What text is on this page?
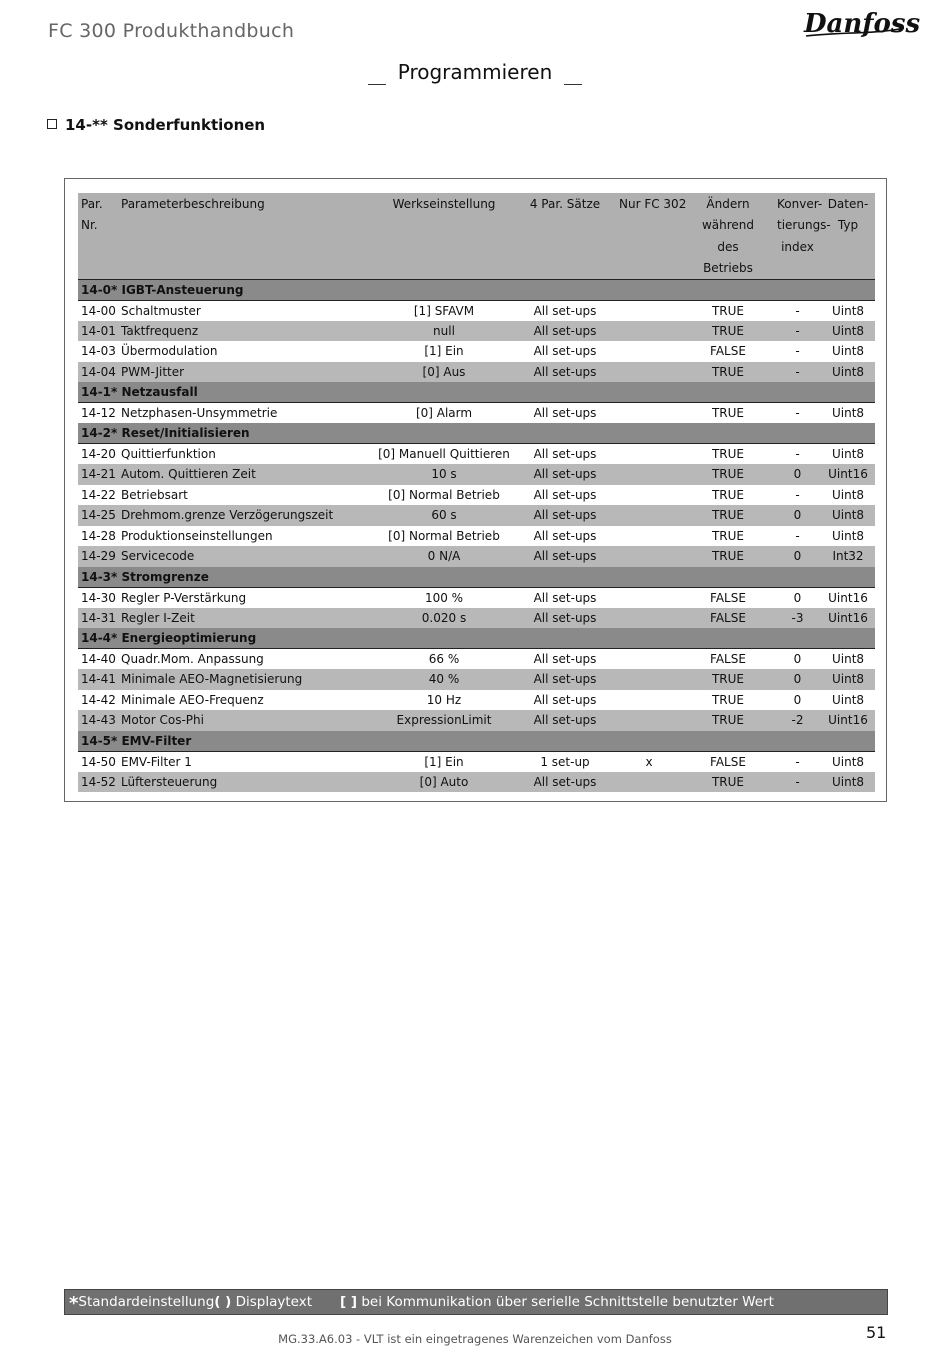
FC 300 Produkthandbuch	Danfoss
Programmieren
14-** Sonderfunktionen
Par.	Parameterbeschreibung	Werkseinstellung	4 Par. Sätze	Nur FC 302	Ändern	Konver-	Daten-
Nr.					während	tierungs-	Typ
					des	index	
					Betriebs		
14-0* IGBT-Ansteuerung							
14-00	Schaltmuster	[1] SFAVM	All set-ups		TRUE	-	Uint8
14-01	Taktfrequenz	null	All set-ups		TRUE	-	Uint8
14-03	Übermodulation	[1] Ein	All set-ups		FALSE	-	Uint8
14-04	PWM-Jitter	[0] Aus	All set-ups		TRUE	-	Uint8
14-1* Netzausfall							
14-12	Netzphasen-Unsymmetrie	[0] Alarm	All set-ups		TRUE	-	Uint8
14-2* Reset/Initialisieren							
14-20	Quittierfunktion	[0] Manuell Quittieren	All set-ups		TRUE	-	Uint8
14-21	Autom. Quittieren Zeit	10 s	All set-ups		TRUE	0	Uint16
14-22	Betriebsart	[0] Normal Betrieb	All set-ups		TRUE	-	Uint8
14-25	Drehmom.grenze Verzögerungszeit	60 s	All set-ups		TRUE	0	Uint8
14-28	Produktionseinstellungen	[0] Normal Betrieb	All set-ups		TRUE	-	Uint8
14-29	Servicecode	0 N/A	All set-ups		TRUE	0	Int32
14-3* Stromgrenze							
14-30	Regler P-Verstärkung	100 %	All set-ups		FALSE	0	Uint16
14-31	Regler I-Zeit	0.020 s	All set-ups		FALSE	-3	Uint16
14-4* Energieoptimierung							
14-40	Quadr.Mom. Anpassung	66 %	All set-ups		FALSE	0	Uint8
14-41	Minimale AEO-Magnetisierung	40 %	All set-ups		TRUE	0	Uint8
14-42	Minimale AEO-Frequenz	10 Hz	All set-ups		TRUE	0	Uint8
14-43	Motor Cos-Phi	ExpressionLimit	All set-ups		TRUE	-2	Uint16
14-5* EMV-Filter							
14-50	EMV-Filter 1	[1] Ein	1 set-up	x	FALSE	-	Uint8
14-52	Lüftersteuerung	[0] Auto	All set-ups		TRUE	-	Uint8
*Standardeinstellung( ) Displaytext [ ] bei Kommunikation über serielle Schnittstelle benutzter Wert
MG.33.A6.03 - VLT ist ein eingetragenes Warenzeichen vom Danfoss	51
